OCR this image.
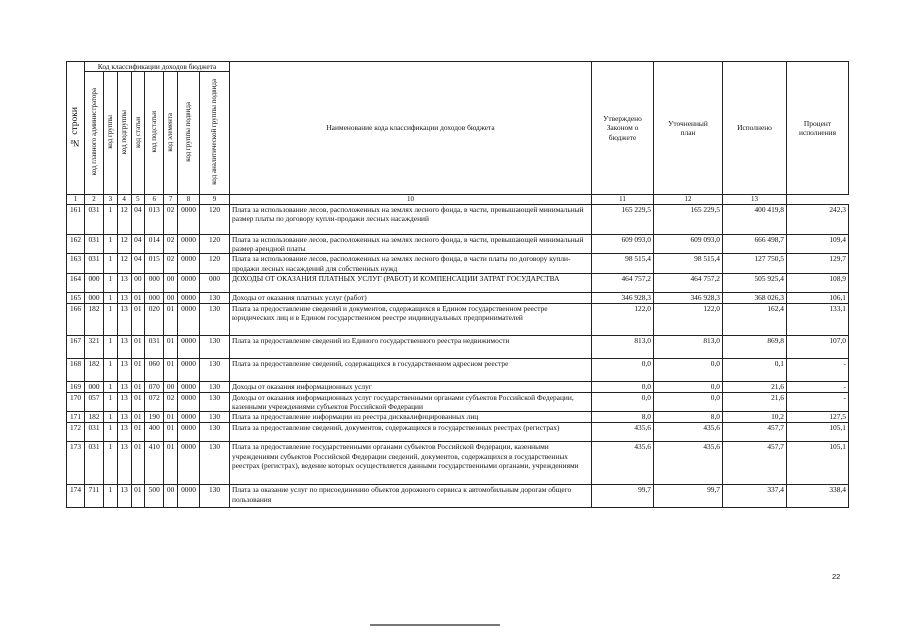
№ строки	Код классификации доходов бюджета								Наименование кода классификации доходов бюджета	Утверждено Законом о бюджете	Уточненный план	Исполнено	Процент исполнения
	код главного администратора	код группы	код подгруппы	код статьи	код подстатьи	код элемента	код группы подвида	код аналитической группы подвида					
1	2	3	4	5	6	7	8	9	10	11	12	13	
161	031	1	12	04	013	02	0000	120	Плата за использование лесов, расположенных на землях лесного фонда, в части, превышающей минимальный размер платы по договору купли-продажи лесных насаждений	165 229,5	165 229,5	400 419,8	242,3
162	031	1	12	04	014	02	0000	120	Плата за использование лесов, расположенных на землях лесного фонда, в части, превышающей минимальный размер арендной платы	609 093,0	609 093,0	666 498,7	109,4
163	031	1	12	04	015	02	0000	120	Плата за использование лесов, расположенных на землях лесного фонда, в части платы по договору купли-продажи лесных насаждений для собственных нужд	98 515,4	98 515,4	127 750,5	129,7
164	000	1	13	00	000	00	0000	000	ДОХОДЫ ОТ ОКАЗАНИЯ ПЛАТНЫХ УСЛУГ (РАБОТ) И КОМПЕНСАЦИИ ЗАТРАТ ГОСУДАРСТВА	464 757,2	464 757,2	505 925,4	108,9
165	000	1	13	01	000	00	0000	130	Доходы от оказания платных услуг (работ)	346 928,3	346 928,3	368 026,3	106,1
166	182	1	13	01	020	01	0000	130	Плата за предоставление сведений и документов, содержащихся в Едином государственном реестре юридических лиц и в Едином государственном реестре индивидуальных предпринимателей	122,0	122,0	162,4	133,1
167	321	1	13	01	031	01	0000	130	Плата за предоставление сведений из Единого государственного реестра недвижимости	813,0	813,0	869,8	107,0
168	182	1	13	01	060	01	0000	130	Плата за предоставление сведений, содержащихся в государственном адресном реестре	0,0	0,0	0,1	-
169	000	1	13	01	070	00	0000	130	Доходы от оказания информационных услуг	0,0	0,0	21,6	-
170	057	1	13	01	072	02	0000	130	Доходы от оказания информационных услуг государственными органами субъектов Российской Федерации, казенными учреждениями субъектов Российской Федерации	0,0	0,0	21,6	-
171	182	1	13	01	190	01	0000	130	Плата за предоставление информации из реестра дисквалифицированных лиц	8,0	8,0	10,2	127,5
172	031	1	13	01	400	01	0000	130	Плата за предоставление сведений, документов, содержащихся в государственных реестрах (регистрах)	435,6	435,6	457,7	105,1
173	031	1	13	01	410	01	0000	130	Плата за предоставление государственными органами субъектов Российской Федерации, казенными учреждениями субъектов Российской Федерации сведений, документов, содержащихся в государственных реестрах (регистрах), ведение которых осуществляется данными государственными органами, учреждениями	435,6	435,6	457,7	105,1
174	711	1	13	01	500	00	0000	130	Плата за оказание услуг по присоединению объектов дорожного сервиса к автомобильным дорогам общего пользования	99,7	99,7	337,4	338,4
22
